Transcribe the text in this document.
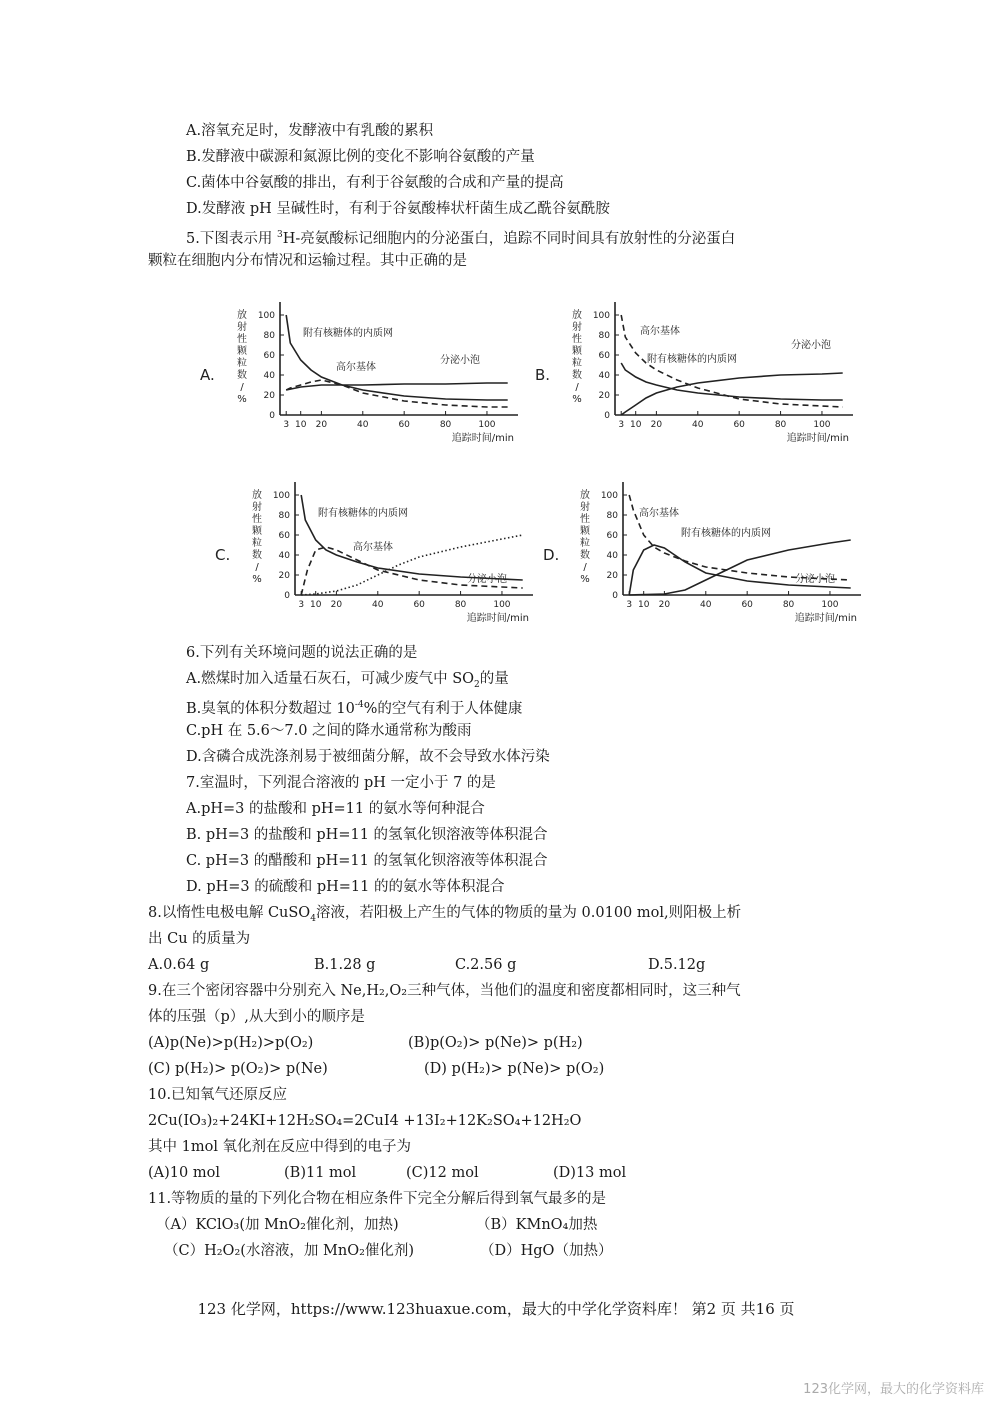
A.溶氧充足时，发酵液中有乳酸的累积
B.发酵液中碳源和氮源比例的变化不影响谷氨酸的产量
C.菌体中谷氨酸的排出，有利于谷氨酸的合成和产量的提高
D.发酵液 pH 呈碱性时，有利于谷氨酸棒状杆菌生成乙酰谷氨酰胺
5.下图表示用 $^3$H-亮氨酸标记细胞内的分泌蛋白，追踪不同时间具有放射性的分泌蛋白
颗粒在细胞内分布情况和运输过程。其中正确的是
A.
放
射
性
颗
粒
数
/
%
0
20
40
60
80
100
3 10 20	40	60	80	100
追踪时间/min
附有核糖体的内质网
高尔基体
分泌小泡
B.
放
射
性
颗
粒
数
/
%
0
20
40
60
80
100
3 10 20	40	60	80	100
追踪时间/min
高尔基体
附有核糖体的内质网
分泌小泡
C.
放
射
性
颗
粒
数
/
%
0
20
40
60
80
100
3 10 20	40	60	80	100
追踪时间/min
附有核糖体的内质网
高尔基体
分泌小泡
D.
放
射
性
颗
粒
数
/
%
0
20
40
60
80
100
3 10 20	40	60	80	100
追踪时间/min
高尔基体
附有核糖体的内质网
分泌小泡
6.下列有关环境问题的说法正确的是
A.燃煤时加入适量石灰石，可减少废气中 $SO_2$的量
B.臭氧的体积分数超过 $10^{-4}\%$的空气有利于人体健康
C.pH 在 5.6～7.0 之间的降水通常称为酸雨
D.含磷合成洗涤剂易于被细菌分解，故不会导致水体污染
7.室温时，下列混合溶液的 pH 一定小于 7 的是
A.pH=3 的盐酸和 pH=11 的氨水等何种混合
B. pH=3 的盐酸和 pH=11 的氢氧化钡溶液等体积混合
C. pH=3 的醋酸和 pH=11 的氢氧化钡溶液等体积混合
D. pH=3 的硫酸和 pH=11 的的氨水等体积混合
8.以惰性电极电解 CuSO$_4$溶液，若阳极上产生的气体的物质的量为 0.0100 mol,则阳极上析
出 Cu 的质量为
A.0.64 g	B.1.28 g	C.2.56 g	D.5.12g
9.在三个密闭容器中分别充入 Ne,H₂,O₂三种气体，当他们的温度和密度都相同时，这三种气
体的压强（p）,从大到小的顺序是
(A)p(Ne)>p(H₂)>p(O₂)	(B)p(O₂)> p(Ne)> p(H₂)
(C) p(H₂)> p(O₂)> p(Ne)	(D) p(H₂)> p(Ne)> p(O₂)
10.已知氧气还原反应
2Cu(IO₃)₂+24KI+12H₂SO₄=2CuI4 +13I₂+12K₂SO₄+12H₂O
其中 1mol 氧化剂在反应中得到的电子为
(A)10 mol	(B)11 mol	(C)12 mol	(D)13 mol
11.等物质的量的下列化合物在相应条件下完全分解后得到氧气最多的是
（A）KClO₃(加 MnO₂催化剂，加热)	（B）KMnO₄加热
（C）H₂O₂(水溶液，加 MnO₂催化剂)	（D）HgO（加热）
123 化学网，https://www.123huaxue.com，最大的中学化学资料库！ 第2 页 共16 页
123化学网，最大的化学资料库
